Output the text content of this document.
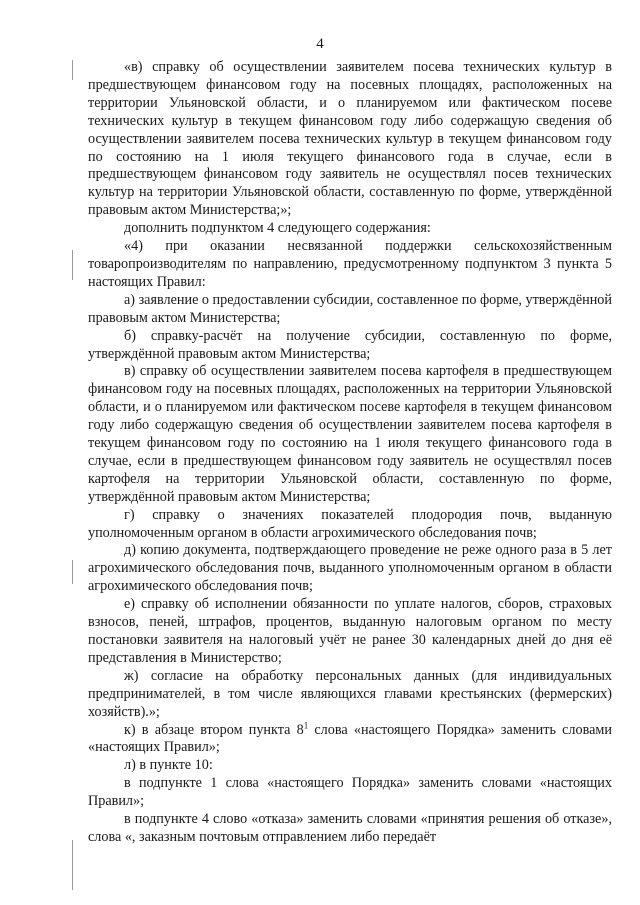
4

«в) справку об осуществлении заявителем посева технических культур в предшествующем финансовом году на посевных площадях, расположенных на территории Ульяновской области, и о планируемом или фактическом посеве технических культур в текущем финансовом году либо содержащую сведения об осуществлении заявителем посева технических культур в текущем финансовом году по состоянию на 1 июля текущего финансового года в случае, если в предшествующем финансовом году заявитель не осуществлял посев технических культур на территории Ульяновской области, составленную по форме, утверждённой правовым актом Министерства;»;

дополнить подпунктом 4 следующего содержания:

«4) при оказании несвязанной поддержки сельскохозяйственным товаропроизводителям по направлению, предусмотренному подпунктом 3 пункта 5 настоящих Правил:

а) заявление о предоставлении субсидии, составленное по форме, утверждённой правовым актом Министерства;

б) справку-расчёт на получение субсидии, составленную по форме, утверждённой правовым актом Министерства;

в) справку об осуществлении заявителем посева картофеля в предшествующем финансовом году на посевных площадях, расположенных на территории Ульяновской области, и о планируемом или фактическом посеве картофеля в текущем финансовом году либо содержащую сведения об осуществлении заявителем посева картофеля в текущем финансовом году по состоянию на 1 июля текущего финансового года в случае, если в предшествующем финансовом году заявитель не осуществлял посев картофеля на территории Ульяновской области, составленную по форме, утверждённой правовым актом Министерства;

г) справку о значениях показателей плодородия почв, выданную уполномоченным органом в области агрохимического обследования почв;

д) копию документа, подтверждающего проведение не реже одного раза в 5 лет агрохимического обследования почв, выданного уполномоченным органом в области агрохимического обследования почв;

е) справку об исполнении обязанности по уплате налогов, сборов, страховых взносов, пеней, штрафов, процентов, выданную налоговым органом по месту постановки заявителя на налоговый учёт не ранее 30 календарных дней до дня её представления в Министерство;

ж) согласие на обработку персональных данных (для индивидуальных предпринимателей, в том числе являющихся главами крестьянских (фермерских) хозяйств).»;

к) в абзаце втором пункта $8^1$ слова «настоящего Порядка» заменить словами «настоящих Правил»;

л) в пункте 10:

в подпункте 1 слова «настоящего Порядка» заменить словами «настоящих Правил»;

в подпункте 4 слово «отказа» заменить словами «принятия решения об отказе», слова «, заказным почтовым отправлением либо передаёт
